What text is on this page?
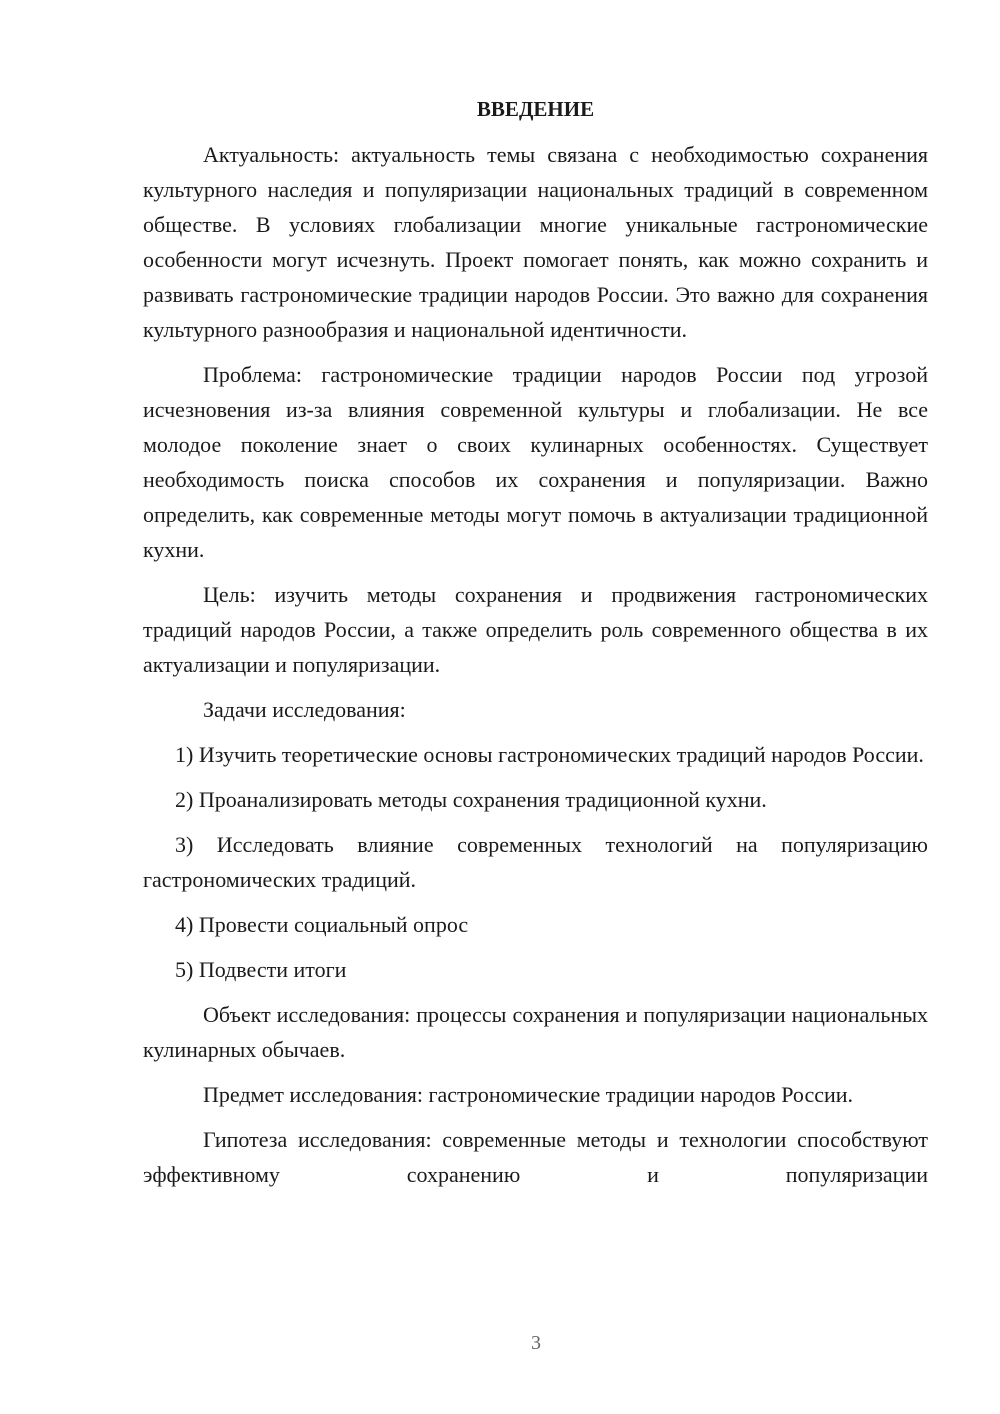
ВВЕДЕНИЕ

Актуальность: актуальность темы связана с необходимостью сохранения культурного наследия и популяризации национальных традиций в современном обществе. В условиях глобализации многие уникальные гастрономические особенности могут исчезнуть. Проект помогает понять, как можно сохранить и развивать гастрономические традиции народов России. Это важно для сохранения культурного разнообразия и национальной идентичности.

Проблема: гастрономические традиции народов России под угрозой исчезновения из-за влияния современной культуры и глобализации. Не все молодое поколение знает о своих кулинарных особенностях. Существует необходимость поиска способов их сохранения и популяризации. Важно определить, как современные методы могут помочь в актуализации традиционной кухни.

Цель: изучить методы сохранения и продвижения гастрономических традиций народов России, а также определить роль современного общества в их актуализации и популяризации.

Задачи исследования:

1) Изучить теоретические основы гастрономических традиций народов России.

2) Проанализировать методы сохранения традиционной кухни.

3) Исследовать влияние современных технологий на популяризацию гастрономических традиций.

4) Провести социальный опрос

5) Подвести итоги

Объект исследования: процессы сохранения и популяризации национальных кулинарных обычаев.

Предмет исследования: гастрономические традиции народов России.

Гипотеза исследования: современные методы и технологии способствуют эффективному сохранению и популяризации

3
